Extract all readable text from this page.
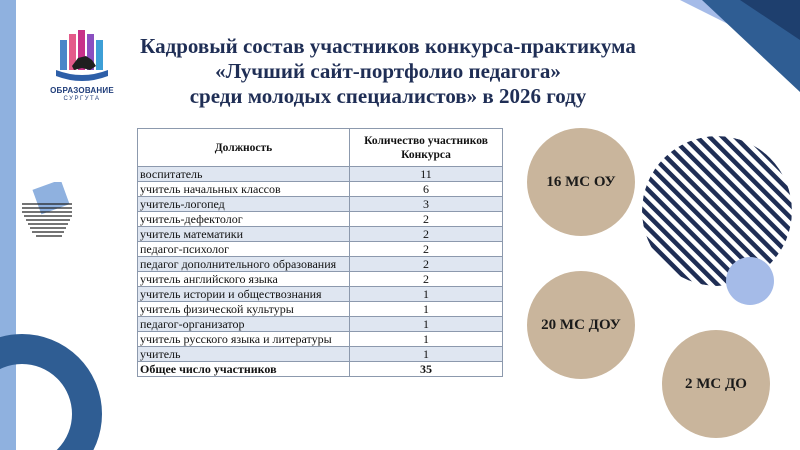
ОБРАЗОВАНИЕ
СУРГУТА
Кадровый состав участников конкурса-практикума
«Лучший сайт-портфолио педагога»
среди молодых специалистов» в 2026 году
Должность	Количество участников Конкурса
воспитатель	11
учитель начальных классов	6
учитель-логопед	3
учитель-дефектолог	2
учитель математики	2
педагог-психолог	2
педагог дополнительного образования	2
учитель английского языка	2
учитель истории и обществознания	1
учитель физической культуры	1
педагог-организатор	1
учитель русского языка и литературы	1
учитель	1
Общее число участников	35
16 МС ОУ
20 МС ДОУ
2 МС ДО
